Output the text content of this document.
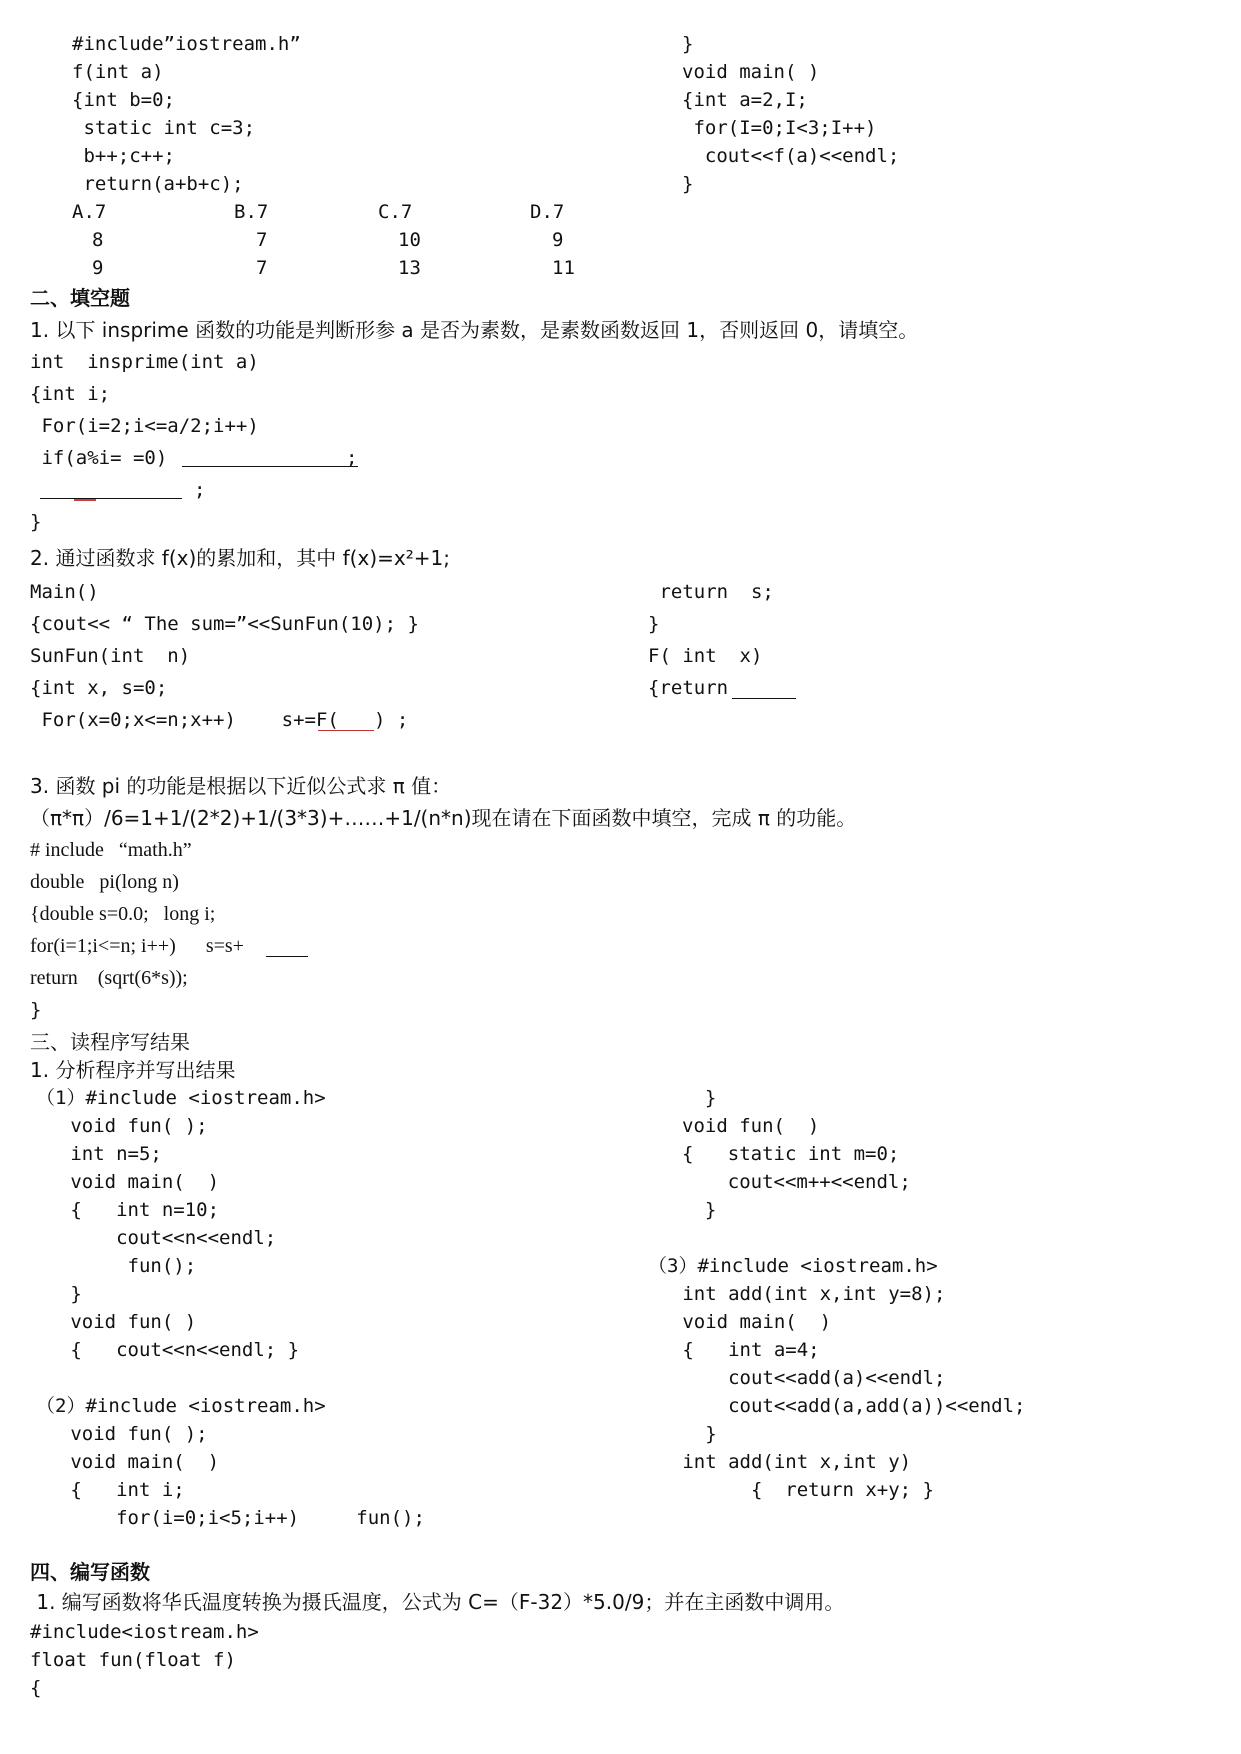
#include”iostream.h”
f(int a)
{int b=0;
static int c=3;
b++;c++;
return(a+b+c);
}
void main( )
{int a=2,I;
for(I=0;I<3;I++)
cout<<f(a)<<endl;
}
A.7
8
9
B.7
7
7
C.7
10
13
D.7
9
11
二、填空题
1. 以下 insprime 函数的功能是判断形参 a 是否为素数，是素数函数返回 1，否则返回 0，请填空。
int  insprime(int a)
{int i;
For(i=2;i<=a/2;i++)
if(a%i= =0)	;
;
}
2. 通过函数求 f(x)的累加和，其中 f(x)=x²+1;
Main()
{cout<< “ The sum=”<<SunFun(10); }
SunFun(int  n)
{int x, s=0;
For(x=0;x<=n;x++)    s+=F( ) ;
return  s;
}
F( int  x)
{return
3. 函数 pi 的功能是根据以下近似公式求 π 值：
（π*π）/6=1+1/(2*2)+1/(3*3)+……+1/(n*n)现在请在下面函数中填空，完成 π 的功能。
# include   “math.h”
double   pi(long n)
{double s=0.0;   long i;
for(i=1;i<=n; i++)      s=s+
return    (sqrt(6*s));
}
三、读程序写结果
1. 分析程序并写出结果
（1）#include <iostream.h>
void fun( );
int n=5;
void main(  )
{   int n=10;
cout<<n<<endl;
fun();
}
void fun( )
{   cout<<n<<endl; }
（2）#include <iostream.h>
void fun( );
void main(  )
{   int i;
for(i=0;i<5;i++)     fun();
}
void fun(  )
{   static int m=0;
cout<<m++<<endl;
}
（3）#include <iostream.h>
int add(int x,int y=8);
void main(  )
{   int a=4;
cout<<add(a)<<endl;
cout<<add(a,add(a))<<endl;
}
int add(int x,int y)
{  return x+y; }
四、编写函数
1. 编写函数将华氏温度转换为摄氏温度，公式为 C=（F-32）*5.0/9；并在主函数中调用。
#include<iostream.h>
float fun(float f)
{
